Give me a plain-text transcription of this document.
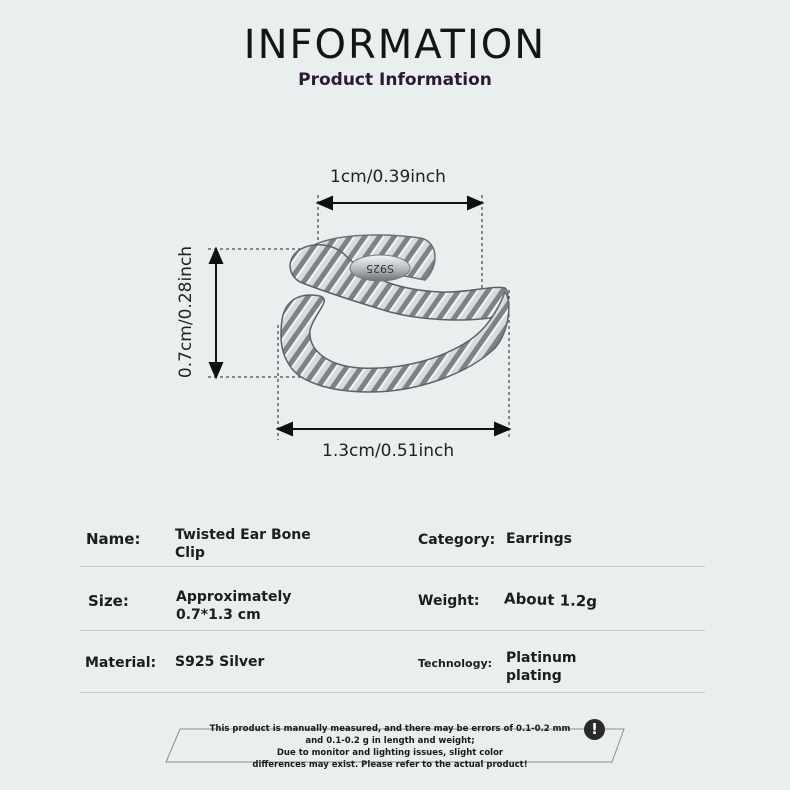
INFORMATION
Product Information
S925
1cm/0.39inch
0.7cm/0.28inch
1.3cm/0.51inch
Name: Twisted Ear Bone Clip
Category: Earrings
Size:	Approximately 0.7*1.3 cm
Weight: About 1.2g
Material: S925 Silver	Technology: Platinum plating
This product is manually measured, and there may be errors of 0.1-0.2 mm
and 0.1-0.2 g in length and weight;
Due to monitor and lighting issues, slight color
differences may exist. Please refer to the actual product!
!
